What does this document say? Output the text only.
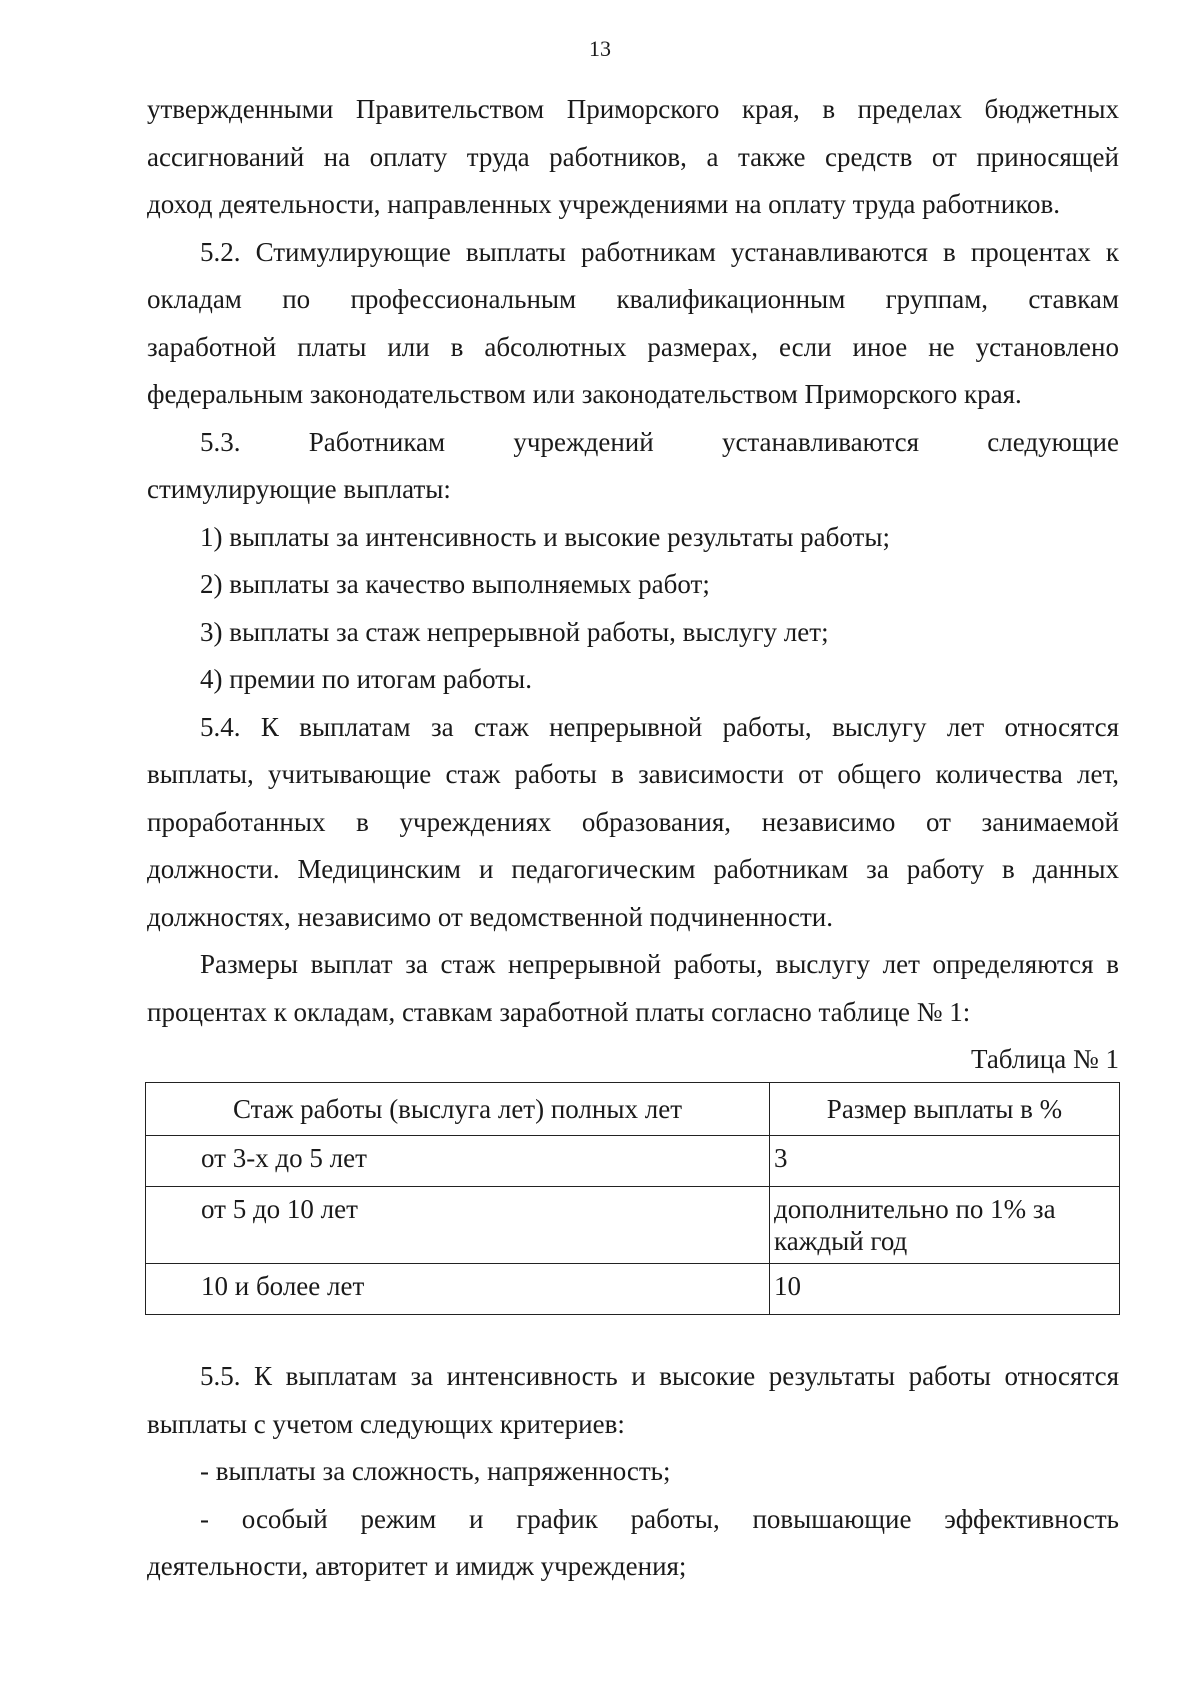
13
утвержденными Правительством Приморского края, в пределах бюджетных
ассигнований на оплату труда работников, а также средств от приносящей
доход деятельности, направленных учреждениями на оплату труда работников.
5.2. Стимулирующие выплаты работникам устанавливаются в процентах к
окладам по профессиональным квалификационным группам, ставкам
заработной платы или в абсолютных размерах, если иное не установлено
федеральным законодательством или законодательством Приморского края.
5.3. Работникам учреждений устанавливаются следующие
стимулирующие выплаты:
1) выплаты за интенсивность и высокие результаты работы;
2) выплаты за качество выполняемых работ;
3) выплаты за стаж непрерывной работы, выслугу лет;
4) премии по итогам работы.
5.4. К выплатам за стаж непрерывной работы, выслугу лет относятся
выплаты, учитывающие стаж работы в зависимости от общего количества лет,
проработанных в учреждениях образования, независимо от занимаемой
должности. Медицинским и педагогическим работникам за работу в данных
должностях, независимо от ведомственной подчиненности.
Размеры выплат за стаж непрерывной работы, выслугу лет определяются в
процентах к окладам, ставкам заработной платы согласно таблице № 1:
Таблица № 1
Стаж работы (выслуга лет) полных лет	Размер выплаты в %
от 3-х до 5 лет	3
от 5 до 10 лет	дополнительно по 1% за каждый год
10 и более лет	10
5.5. К выплатам за интенсивность и высокие результаты работы относятся
выплаты с учетом следующих критериев:
- выплаты за сложность, напряженность;
- особый режим и график работы, повышающие эффективность
деятельности, авторитет и имидж учреждения;
